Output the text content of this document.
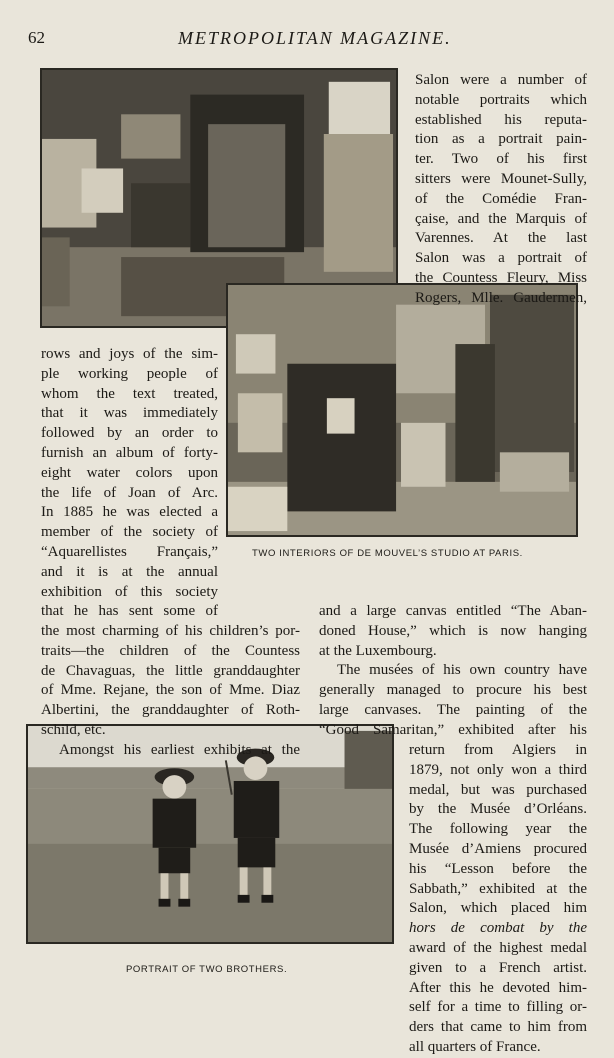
62	METROPOLITAN MAGAZINE.
Salon were a number of
notable portraits which
established his reputa-
tion as a portrait pain-
ter. Two of his first
sitters were Mounet-Sully,
of the Comédie Fran-
çaise, and the Marquis of
Varennes. At the last
Salon was a portrait of
the Countess Fleury, Miss
Rogers, Mlle. Gaudermen,
rows and joys of the sim-
ple working people of
whom the text treated,
that it was immediately
followed by an order to
furnish an album of forty-
eight water colors upon
the life of Joan of Arc.
In 1885 he was elected a
member of the society of
“Aquarellistes Français,”
and it is at the annual
exhibition of this society
that he has sent some of
TWO INTERIORS OF DE MOUVEL’S STUDIO AT PARIS.
the most charming of his children’s por-
traits—the children of the Countess
de Chavaguas, the little granddaughter
of Mme. Rejane, the son of Mme. Diaz
Albertini, the granddaughter of Roth-
schild, etc.
Amongst his earliest exhibits at the
and a large canvas entitled “The Aban-
doned House,” which is now hanging
at the Luxembourg.
The musées of his own country have
generally managed to procure his best
large canvases. The painting of the
“Good Samaritan,” exhibited after his
return from Algiers in
1879, not only won a third
medal, but was purchased
by the Musée d’Orléans.
The following year the
Musée d’Amiens procured
his “Lesson before the
Sabbath,” exhibited at the
Salon, which placed him
hors de combat by the
award of the highest medal
given to a French artist.
After this he devoted him-
self for a time to filling or-
ders that came to him from
all quarters of France.
PORTRAIT OF TWO BROTHERS.
